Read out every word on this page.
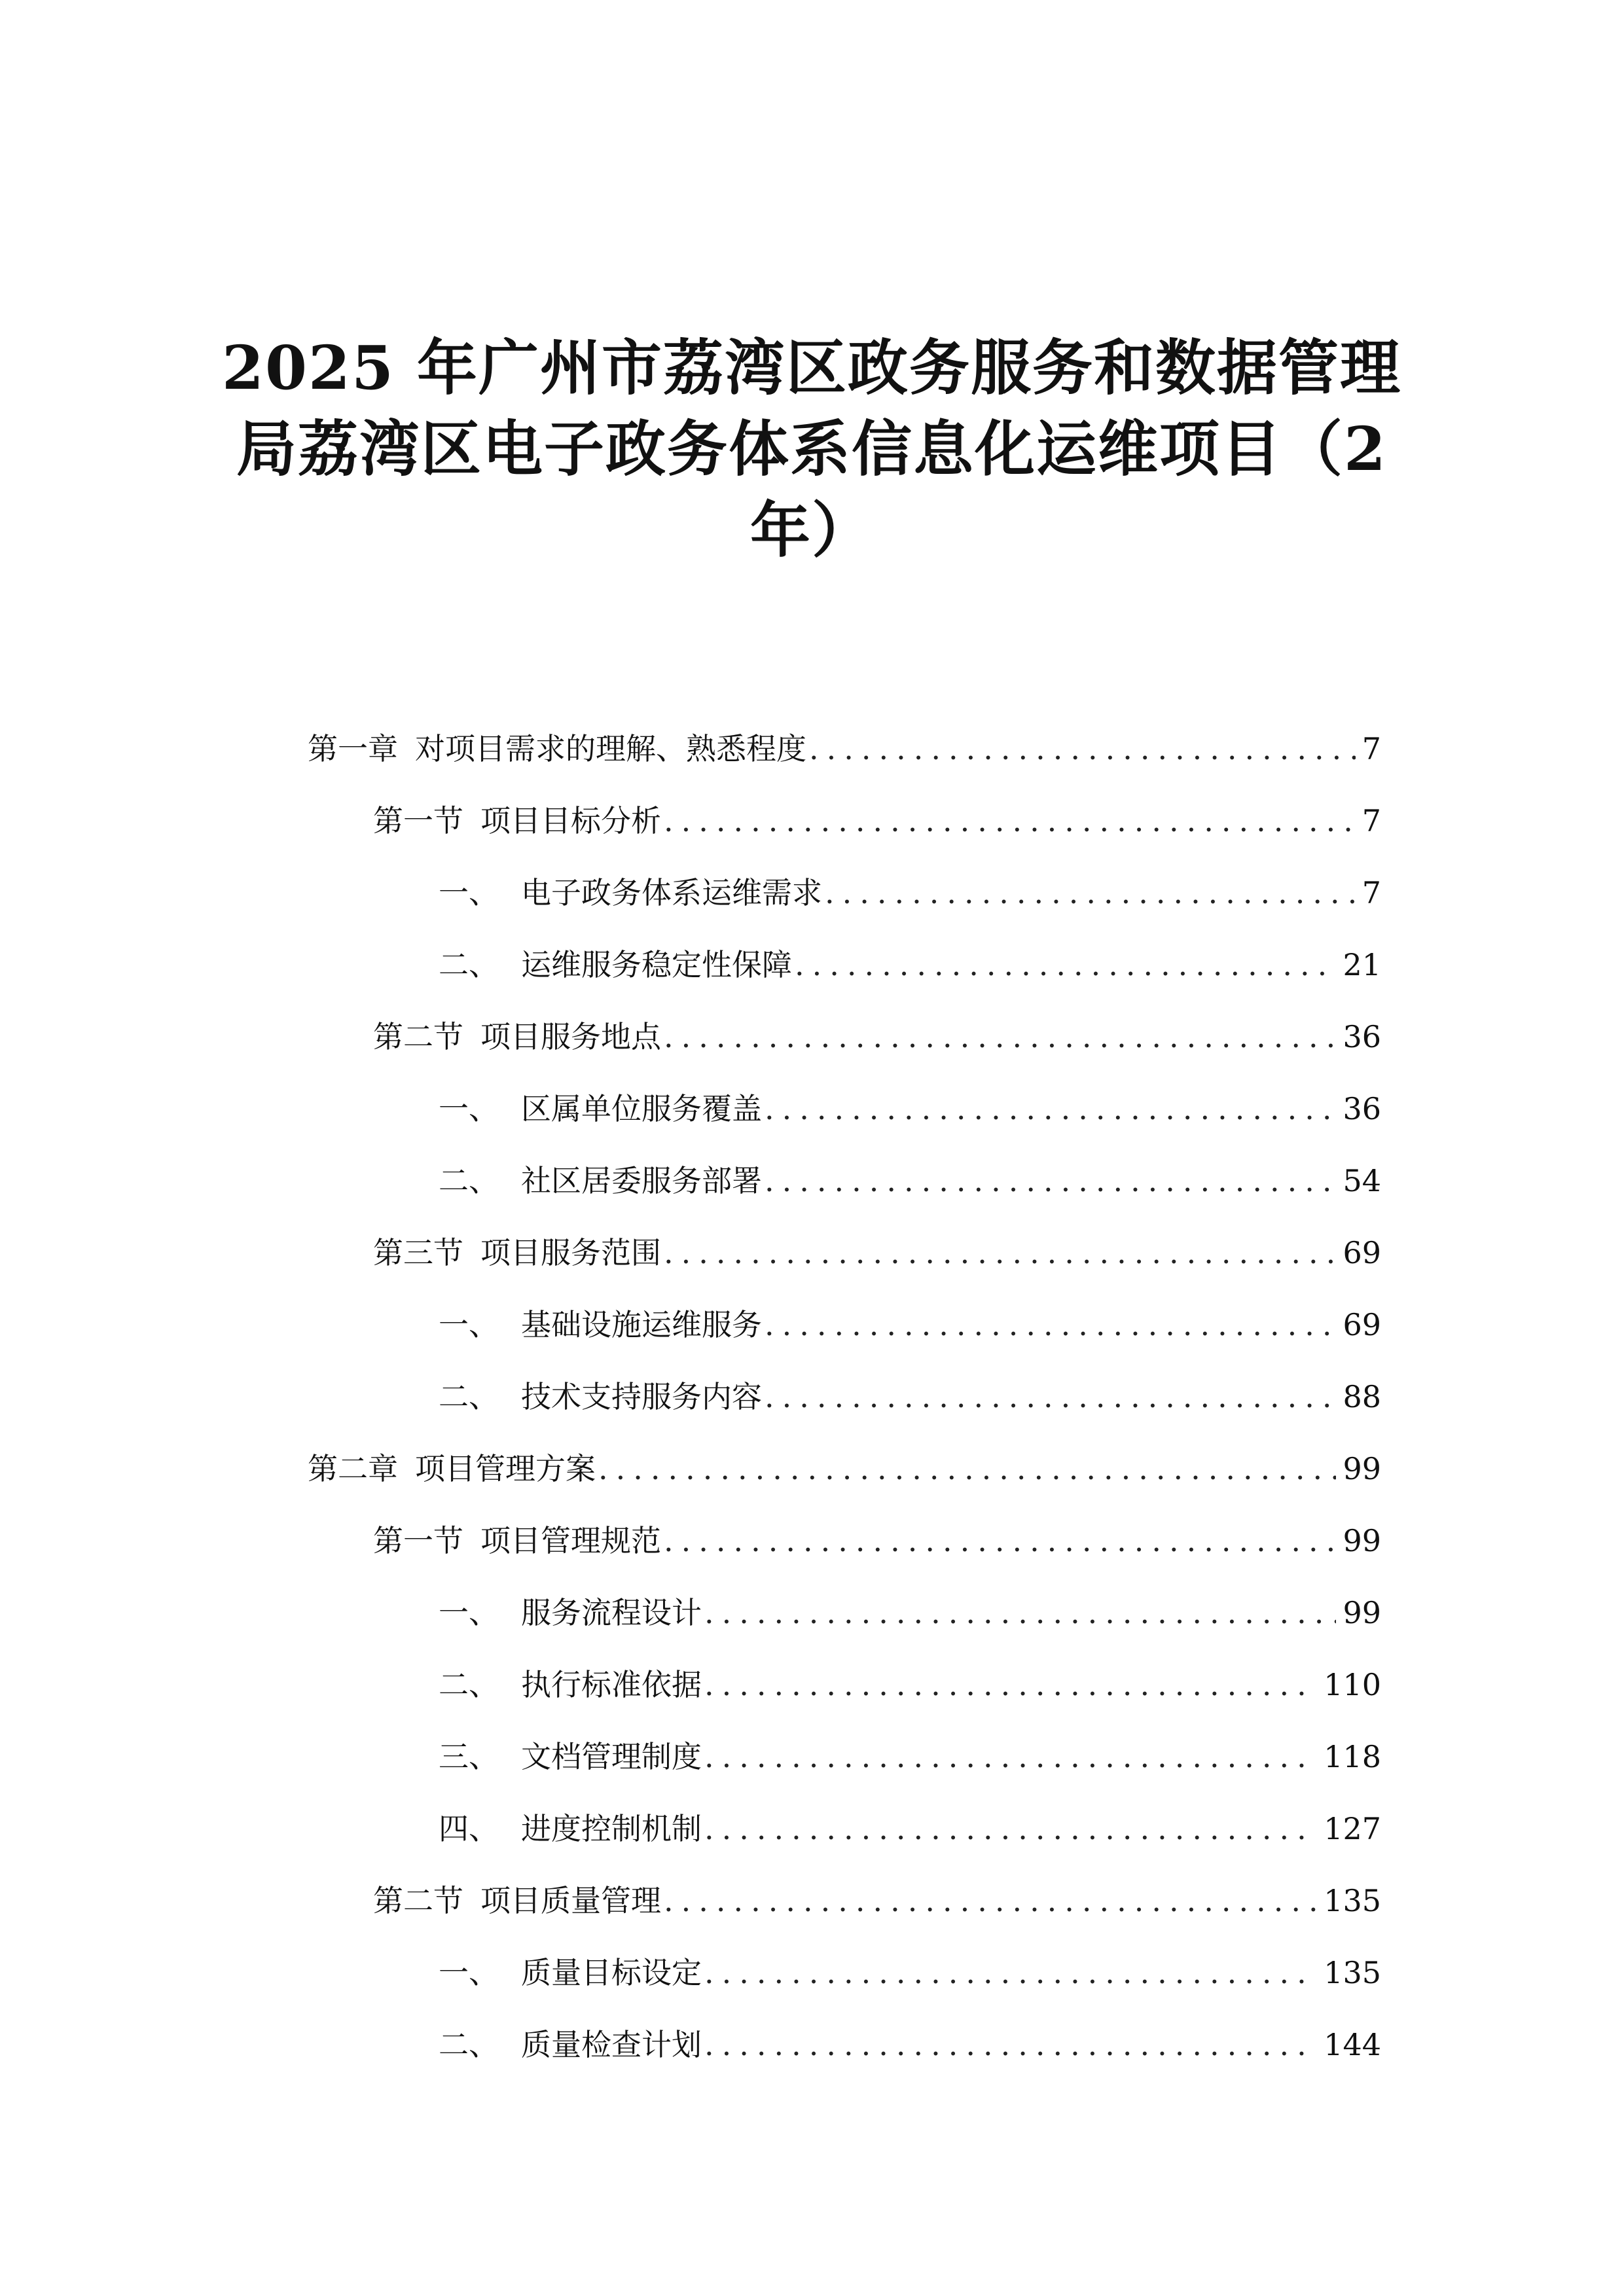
2025 年广州市荔湾区政务服务和数据管理
局荔湾区电子政务体系信息化运维项目（2
年）
第一章 对项目需求的理解、熟悉程度 .....	7
第一节 项目目标分析 .....	7
一、 电子政务体系运维需求 .....	7
二、 运维服务稳定性保障 .....	21
第二节 项目服务地点 .....	36
一、 区属单位服务覆盖 .....	36
二、 社区居委服务部署 .....	54
第三节 项目服务范围 .....	69
一、 基础设施运维服务 .....	69
二、 技术支持服务内容 .....	88
第二章 项目管理方案 .....	99
第一节 项目管理规范 .....	99
一、 服务流程设计 .....	99
二、 执行标准依据 .....	110
三、 文档管理制度 .....	118
四、 进度控制机制 .....	127
第二节 项目质量管理 .....	135
一、 质量目标设定 .....	135
二、 质量检查计划 .....	144
